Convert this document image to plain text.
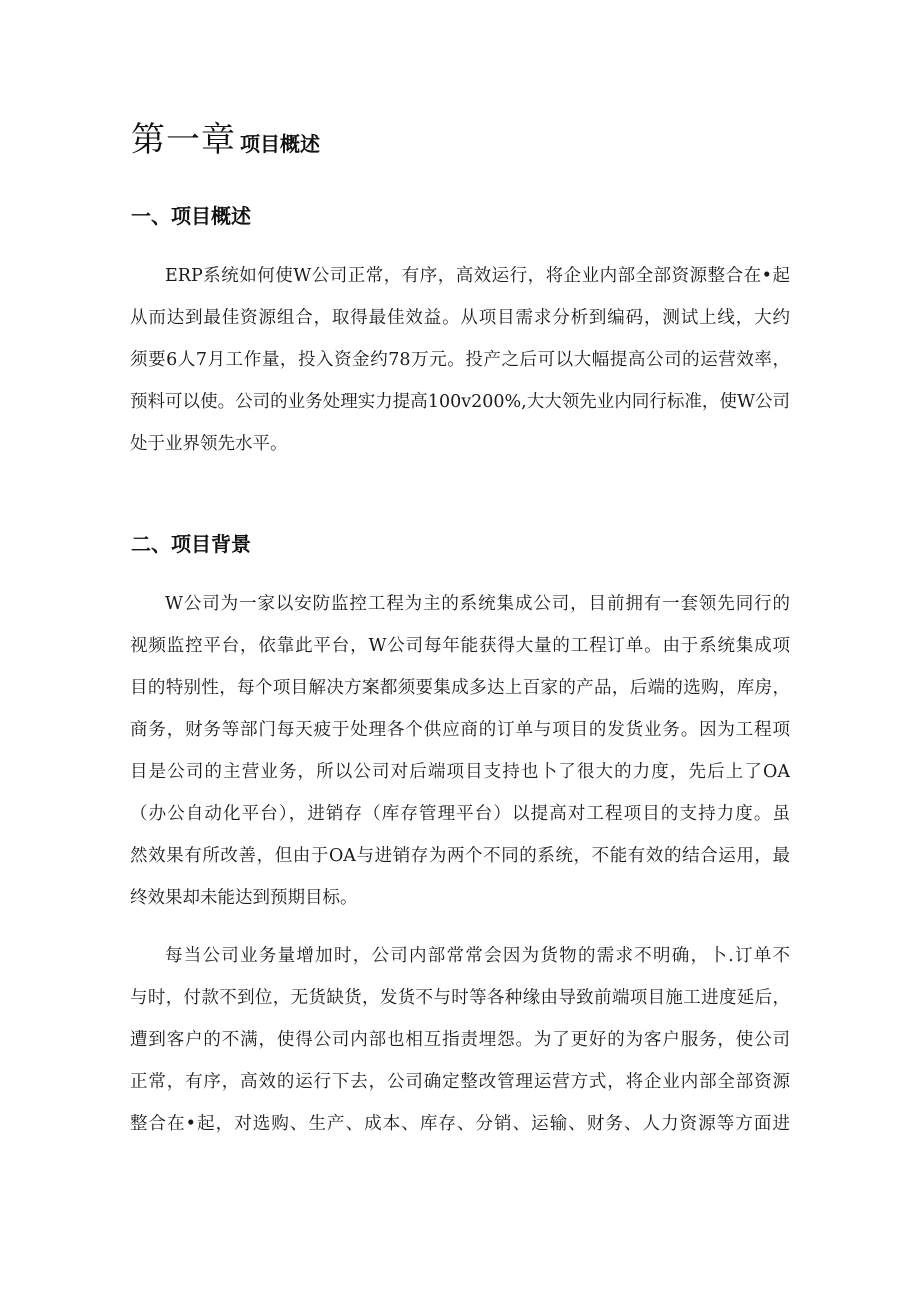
第一章 项目概述
一、项目概述
ERP系统如何使W公司正常，有序，高效运行，将企业内部全部资源整合在•起
从而达到最佳资源组合，取得最佳效益。从项目需求分析到编码，测试上线，大约
须要6人7月工作量，投入资金约78万元。投产之后可以大幅提高公司的运营效率，
预料可以使。公司的业务处理实力提高100v200%,大大领先业内同行标准，使W公司
处于业界领先水平。
二、项目背景
W公司为一家以安防监控工程为主的系统集成公司，目前拥有一套领先同行的
视频监控平台，依靠此平台，W公司每年能获得大量的工程订单。由于系统集成项
目的特别性，每个项目解决方案都须要集成多达上百家的产品，后端的选购，库房，
商务，财务等部门每天疲于处理各个供应商的订单与项目的发货业务。因为工程项
目是公司的主营业务，所以公司对后端项目支持也卜了很大的力度，先后上了OA
（办公自动化平台），进销存（库存管理平台）以提高对工程项目的支持力度。虽
然效果有所改善，但由于OA与进销存为两个不同的系统，不能有效的结合运用，最
终效果却未能达到预期目标。
每当公司业务量增加时，公司内部常常会因为货物的需求不明确，卜.订单不
与时，付款不到位，无货缺货，发货不与时等各种缘由导致前端项目施工进度延后，
遭到客户的不满，使得公司内部也相互指责埋怨。为了更好的为客户服务，使公司
正常，有序，高效的运行下去，公司确定整改管理运营方式，将企业内部全部资源
整合在•起，对选购、生产、成本、库存、分销、运输、财务、人力资源等方面进
